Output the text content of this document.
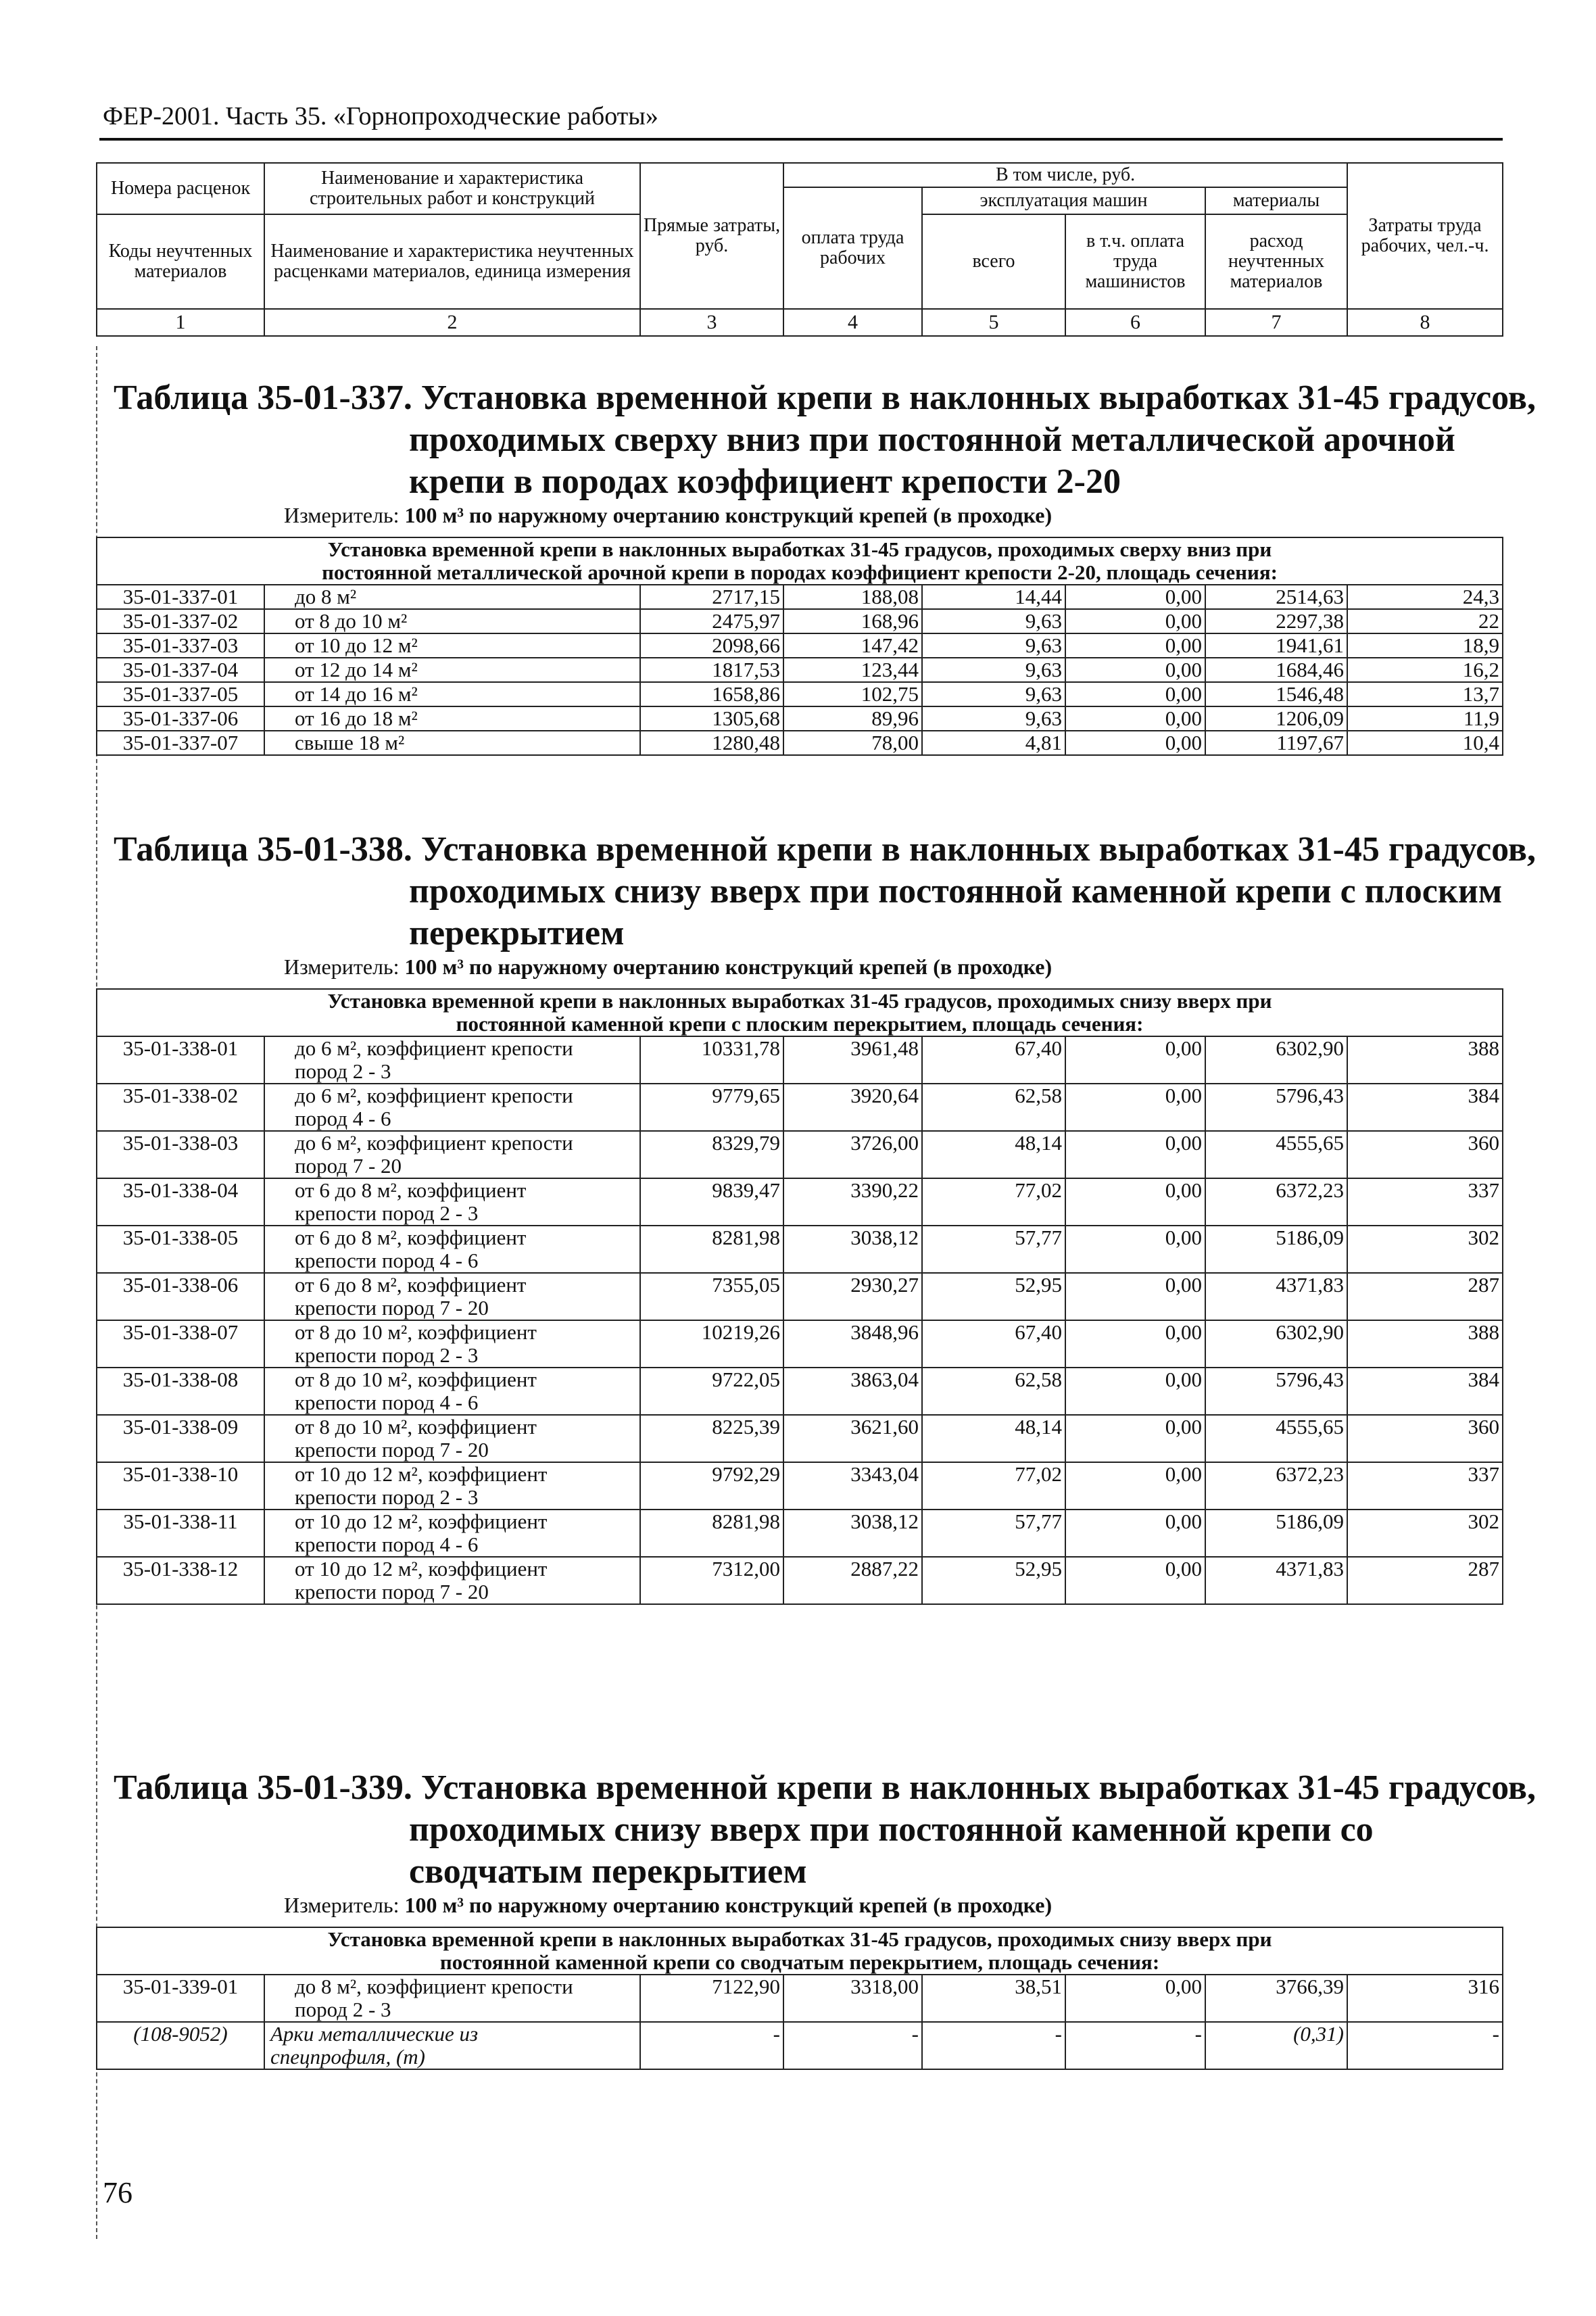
ФЕР-2001. Часть 35. «Горнопроходческие работы»
Номера расценок	Наименование и характеристика строительных работ и конструкций	Прямые затраты, руб.	В том числе, руб.				Затраты труда рабочих, чел.-ч.
			оплата труда рабочих	эксплуатация машин		материалы	
Коды неучтенных материалов	Наименование и характеристика неучтенных расценками материалов, единица измерения			всего	в т.ч. оплата труда машинистов	расход неучтенных материалов	

1	2	3	4	5	6	7	8
Таблица 35-01-337. Установка временной крепи в наклонных выработках 31-45 градусов,
проходимых сверху вниз при постоянной металлической арочной
крепи в породах коэффициент крепости 2-20
Измеритель: 100 м³ по наружному очертанию конструкций крепей (в проходке)
Установка временной крепи в наклонных выработках 31-45 градусов, проходимых сверху вниз при
постоянной металлической арочной крепи в породах коэффициент крепости 2-20, площадь сечения:							
35-01-337-01	до 8 м²	2717,15	188,08	14,44	0,00	2514,63	24,3
35-01-337-02	от 8 до 10 м²	2475,97	168,96	9,63	0,00	2297,38	22
35-01-337-03	от 10 до 12 м²	2098,66	147,42	9,63	0,00	1941,61	18,9
35-01-337-04	от 12 до 14 м²	1817,53	123,44	9,63	0,00	1684,46	16,2
35-01-337-05	от 14 до 16 м²	1658,86	102,75	9,63	0,00	1546,48	13,7
35-01-337-06	от 16 до 18 м²	1305,68	89,96	9,63	0,00	1206,09	11,9
35-01-337-07	свыше 18 м²	1280,48	78,00	4,81	0,00	1197,67	10,4
Таблица 35-01-338. Установка временной крепи в наклонных выработках 31-45 градусов,
проходимых снизу вверх при постоянной каменной крепи с плоским
перекрытием
Измеритель: 100 м³ по наружному очертанию конструкций крепей (в проходке)
Установка временной крепи в наклонных выработках 31-45 градусов, проходимых снизу вверх при
постоянной каменной крепи с плоским перекрытием, площадь сечения:							
35-01-338-01	до 6 м², коэффициент крепости
пород 2 - 3	10331,78	3961,48	67,40	0,00	6302,90	388
35-01-338-02	до 6 м², коэффициент крепости
пород 4 - 6	9779,65	3920,64	62,58	0,00	5796,43	384
35-01-338-03	до 6 м², коэффициент крепости
пород 7 - 20	8329,79	3726,00	48,14	0,00	4555,65	360
35-01-338-04	от 6 до 8 м², коэффициент
крепости пород 2 - 3	9839,47	3390,22	77,02	0,00	6372,23	337
35-01-338-05	от 6 до 8 м², коэффициент
крепости пород 4 - 6	8281,98	3038,12	57,77	0,00	5186,09	302
35-01-338-06	от 6 до 8 м², коэффициент
крепости пород 7 - 20	7355,05	2930,27	52,95	0,00	4371,83	287
35-01-338-07	от 8 до 10 м², коэффициент
крепости пород 2 - 3	10219,26	3848,96	67,40	0,00	6302,90	388
35-01-338-08	от 8 до 10 м², коэффициент
крепости пород 4 - 6	9722,05	3863,04	62,58	0,00	5796,43	384
35-01-338-09	от 8 до 10 м², коэффициент
крепости пород 7 - 20	8225,39	3621,60	48,14	0,00	4555,65	360
35-01-338-10	от 10 до 12 м², коэффициент
крепости пород 2 - 3	9792,29	3343,04	77,02	0,00	6372,23	337
35-01-338-11	от 10 до 12 м², коэффициент
крепости пород 4 - 6	8281,98	3038,12	57,77	0,00	5186,09	302
35-01-338-12	от 10 до 12 м², коэффициент
крепости пород 7 - 20	7312,00	2887,22	52,95	0,00	4371,83	287
Таблица 35-01-339. Установка временной крепи в наклонных выработках 31-45 градусов,
проходимых снизу вверх при постоянной каменной крепи со
сводчатым перекрытием
Измеритель: 100 м³ по наружному очертанию конструкций крепей (в проходке)
Установка временной крепи в наклонных выработках 31-45 градусов, проходимых снизу вверх при
постоянной каменной крепи со сводчатым перекрытием, площадь сечения:							
35-01-339-01	до 8 м², коэффициент крепости
пород 2 - 3	7122,90	3318,00	38,51	0,00	3766,39	316
(108-9052)	Арки металлические из
спецпрофиля, (т)	-	-	-	-	(0,31)	-
76
